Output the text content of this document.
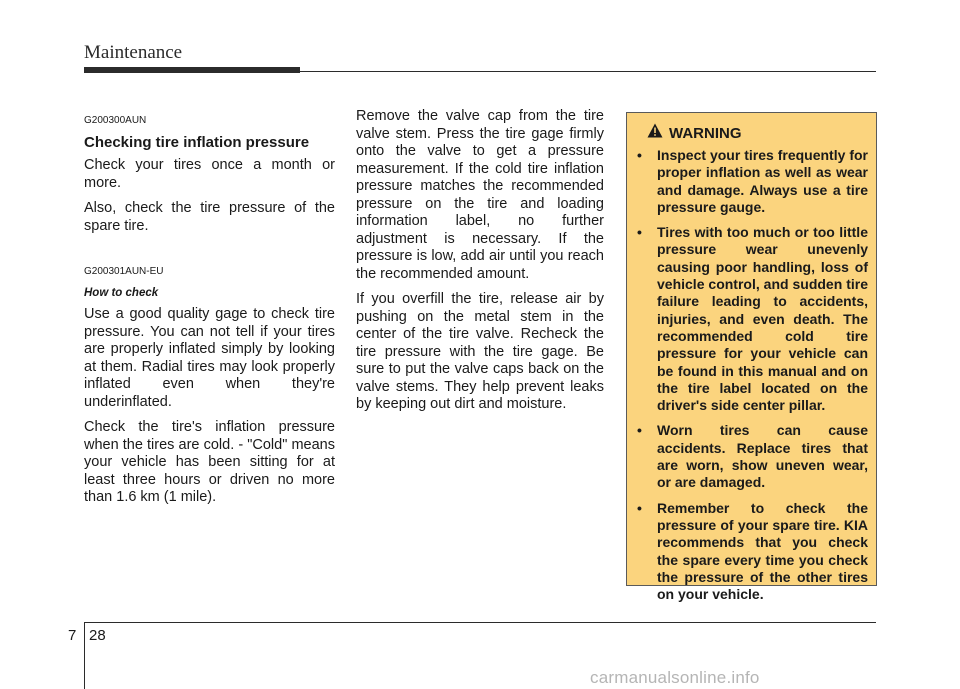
Maintenance
G200300AUN
Checking tire inflation pressure

Check your tires once a month or more.

Also, check the tire pressure of the spare tire.

G200301AUN-EU
How to check

Use a good quality gage to check tire pressure. You can not tell if your tires are properly inflated simply by looking at them. Radial tires may look properly inflated even when they're underinflated.

Check the tire's inflation pressure when the tires are cold. - "Cold" means your vehicle has been sitting for at least three hours or driven no more than 1.6 km (1 mile).

Remove the valve cap from the tire valve stem. Press the tire gage firmly onto the valve to get a pressure measurement. If the cold tire inflation pressure matches the recommended pressure on the tire and loading information label, no further adjustment is necessary. If the pressure is low, add air until you reach the recommended amount.

If you overfill the tire, release air by pushing on the metal stem in the center of the tire valve. Recheck the tire pressure with the tire gage. Be sure to put the valve caps back on the valve stems. They help prevent leaks by keeping out dirt and moisture.

WARNING
• Inspect your tires frequently for proper inflation as well as wear and damage. Always use a tire pressure gauge.
• Tires with too much or too little pressure wear unevenly causing poor handling, loss of vehicle control, and sudden tire failure leading to accidents, injuries, and even death. The recommended cold tire pressure for your vehicle can be found in this manual and on the tire label located on the driver's side center pillar.
• Worn tires can cause accidents. Replace tires that are worn, show uneven wear, or are damaged.
• Remember to check the pressure of your spare tire. KIA recommends that you check the spare every time you check the pressure of the other tires on your vehicle.
7 28
carmanualsonline.info
